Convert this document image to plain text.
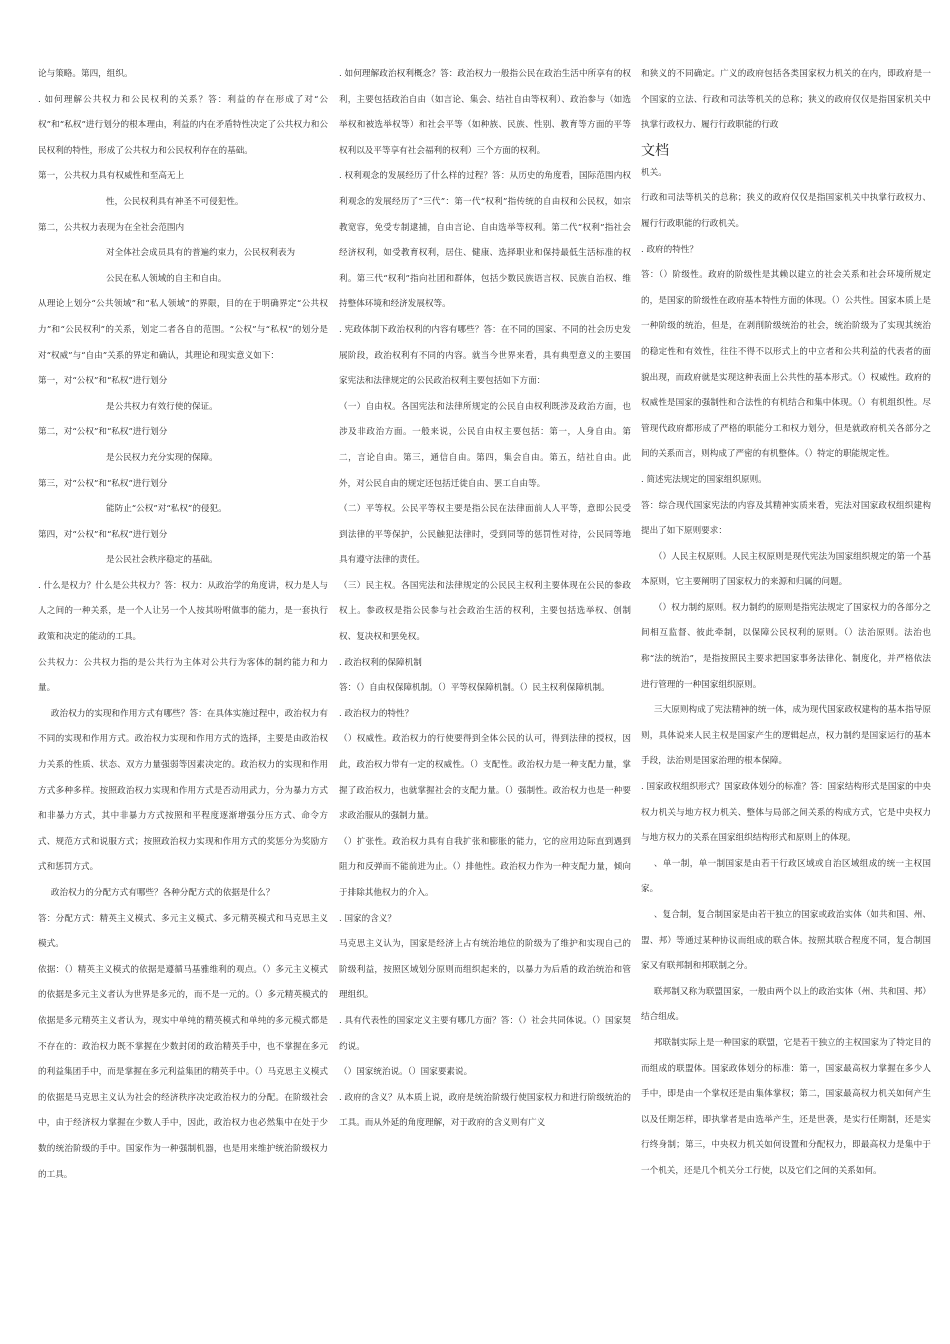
论与策略。第四，组织。

. 如何理解公共权力和公民权利的关系？答：利益的存在形成了对“公权”和“私权”进行划分的根本理由，利益的内在矛盾特性决定了公共权力和公民权利的特性，形成了公共权力和公民权利存在的基础。

第一，公共权力具有权威性和至高无上

性，公民权利具有神圣不可侵犯性。

第二，公共权力表现为在全社会范围内

对全体社会成员具有的普遍约束力，公民权利表为

公民在私人领域的自主和自由。

从理论上划分“公共领域”和“私人领域”的界限，目的在于明确界定“公共权力”和“公民权利”的关系，划定二者各自的范围。“公权”与“私权”的划分是对“权威”与“自由”关系的界定和确认，其理论和现实意义如下：

第一，对“公权”和“私权”进行划分

是公共权力有效行使的保证。

第二，对“公权”和“私权”进行划分

是公民权力充分实现的保障。

第三，对“公权”和“私权”进行划分

能防止“公权”对“私权”的侵犯。

第四，对“公权”和“私权”进行划分

是公民社会秩序稳定的基础。

. 什么是权力？什么是公共权力？答：权力：从政治学的角度讲，权力是人与人之间的一种关系，是一个人让另一个人按其吩咐做事的能力，是一套执行政策和决定的能动的工具。

公共权力：公共权力指的是公共行为主体对公共行为客体的制约能力和力量。

政治权力的实现和作用方式有哪些？答：在具体实施过程中，政治权力有不同的实现和作用方式。政治权力实现和作用方式的选择，主要是由政治权力关系的性质、状态、双方力量强弱等因素决定的。政治权力的实现和作用方式多种多样。按照政治权力实现和作用方式是否动用武力，分为暴力方式和非暴力方式，其中非暴力方式按照和平程度逐渐增强分压方式、命令方式、规范方式和说服方式；按照政治权力实现和作用方式的奖惩分为奖励方式和惩罚方式。

政治权力的分配方式有哪些？各种分配方式的依据是什么？

答：分配方式：精英主义模式、多元主义模式、多元精英模式和马克思主义模式。

依据：（）精英主义模式的依据是遵循马基雅维利的观点。（）多元主义模式的依据是多元主义者认为世界是多元的，而不是一元的。（）多元精英模式的依据是多元精英主义者认为，现实中单纯的精英模式和单纯的多元模式都是不存在的：政治权力既不掌握在少数封闭的政治精英手中，也不掌握在多元的利益集团手中，而是掌握在多元利益集团的精英手中。（）马克思主义模式的依据是马克思主义认为社会的经济秩序决定政治权力的分配。在阶级社会中，由于经济权力掌握在少数人手中，因此，政治权力也必然集中在处于少数的统治阶级的手中。国家作为一种强制机器，也是用来维护统治阶级权力的工具。

. 如何理解政治权利概念？答：政治权力一般指公民在政治生活中所享有的权利，主要包括政治自由（如言论、集会、结社自由等权利）、政治参与（如选举权和被选举权等）和社会平等（如种族、民族、性别、教育等方面的平等权利以及平等享有社会福利的权利）三个方面的权利。

. 权利观念的发展经历了什么样的过程？答：从历史的角度看，国际范围内权利观念的发展经历了“三代”：第一代“权利”指传统的自由权和公民权，如宗教宽容，免受专制逮捕，自由言论、自由选举等权利。第二代“权利”指社会经济权利，如受教育权利，居住、健康、选择职业和保持最低生活标准的权利。第三代“权利”指向社团和群体，包括少数民族语言权、民族自治权、维持整体环境和经济发展权等。

. 宪政体制下政治权利的内容有哪些？答：在不同的国家、不同的社会历史发展阶段，政治权利有不同的内容。就当今世界来看，具有典型意义的主要国家宪法和法律规定的公民政治权利主要包括如下方面：

（一）自由权。各国宪法和法律所规定的公民自由权利既涉及政治方面，也涉及非政治方面。一般来说，公民自由权主要包括：第一，人身自由。第二，言论自由。第三，通信自由。第四，集会自由。第五，结社自由。此外，对公民自由的规定还包括迁徙自由、罢工自由等。

（二）平等权。公民平等权主要是指公民在法律面前人人平等，意即公民受到法律的平等保护，公民触犯法律时，受到同等的惩罚性对待，公民同等地具有遵守法律的责任。

（三）民主权。各国宪法和法律规定的公民民主权利主要体现在公民的参政权上。参政权是指公民参与社会政治生活的权利，主要包括选举权、创制权、复决权和罢免权。

. 政治权利的保障机制

答：（）自由权保障机制。（）平等权保障机制。（）民主权利保障机制。

. 政治权力的特性？

（）权威性。政治权力的行使要得到全体公民的认可，得到法律的授权，因此，政治权力带有一定的权威性。（）支配性。政治权力是一种支配力量，掌握了政治权力，也就掌握社会的支配力量。（）强制性。政治权力也是一种要求政治服从的强制力量。

（）扩张性。政治权力具有自我扩张和膨胀的能力，它的应用边际直到遇到阻力和反弹而不能前进为止。（）排他性。政治权力作为一种支配力量，倾向于排除其他权力的介入。

. 国家的含义？

马克思主义认为，国家是经济上占有统治地位的阶级为了维护和实现自己的阶级利益，按照区域划分原则而组织起来的，以暴力为后盾的政治统治和管理组织。

. 具有代表性的国家定义主要有哪几方面？答：（）社会共同体说。（）国家契约说。

（）国家统治说。（）国家要素说。

. 政府的含义？从本质上说，政府是统治阶级行使国家权力和进行阶级统治的工具。而从外延的角度理解，对于政府的含义则有广义

和狭义的不同确定。广义的政府包括各类国家权力机关的在内，即政府是一个国家的立法、行政和司法等机关的总称；狭义的政府仅仅是指国家机关中执掌行政权力、履行行政职能的行政

文档

机关。

行政和司法等机关的总称；狭义的政府仅仅是指国家机关中执掌行政权力、履行行政职能的行政机关。

. 政府的特性？

答：（）阶级性。政府的阶级性是其赖以建立的社会关系和社会环境所规定的，是国家的阶级性在政府基本特性方面的体现。（）公共性。国家本质上是一种阶级的统治，但是，在剥削阶级统治的社会，统治阶级为了实现其统治的稳定性和有效性，往往不得不以形式上的中立者和公共利益的代表者的面貌出现，而政府就是实现这种表面上公共性的基本形式。（）权威性。政府的权威性是国家的强制性和合法性的有机结合和集中体现。（）有机组织性。尽管现代政府都形成了严格的职能分工和权力划分，但是就政府机关各部分之间的关系而言，则构成了严密的有机整体。（）特定的职能规定性。

. 简述宪法规定的国家组织原则。

答：综合现代国家宪法的内容及其精神实质来看，宪法对国家政权组织建构提出了如下原则要求：

（）人民主权原则。人民主权原则是现代宪法为国家组织规定的第一个基本原则，它主要阐明了国家权力的来源和归属的问题。

（）权力制约原则。权力制约的原则是指宪法规定了国家权力的各部分之间相互监督、彼此牵制，以保障公民权利的原则。（）法治原则。法治也称“法的统治”，是指按照民主要求把国家事务法律化、制度化，并严格依法进行管理的一种国家组织原则。

三大原则构成了宪法精神的统一体，成为现代国家政权建构的基本指导原则，具体说来人民主权是国家产生的逻辑起点，权力制约是国家运行的基本手段，法治则是国家治理的根本保障。

. 国家政权组织形式？国家政体划分的标准？答：国家结构形式是国家的中央权力机关与地方权力机关、整体与局部之间关系的构成方式，它是中央权力与地方权力的关系在国家组织结构形式和原则上的体现。

、单一制，单一制国家是由若干行政区域或自治区域组成的统一主权国家。

、复合制，复合制国家是由若干独立的国家或政治实体（如共和国、州、盟、邦）等通过某种协议而组成的联合体。按照其联合程度不同，复合制国家又有联邦制和邦联制之分。

联邦制又称为联盟国家，一般由两个以上的政治实体（州、共和国、邦）结合组成。

邦联制实际上是一种国家的联盟，它是若干独立的主权国家为了特定目的而组成的联盟体。国家政体划分的标准：第一，国家最高权力掌握在多少人手中，即是由一个掌权还是由集体掌权；第二，国家最高权力机关如何产生以及任期怎样，即执掌者是由选举产生，还是世袭，是实行任期制，还是实行终身制；第三，中央权力机关如何设置和分配权力，即最高权力是集中于一个机关，还是几个机关分工行使，以及它们之间的关系如何。
